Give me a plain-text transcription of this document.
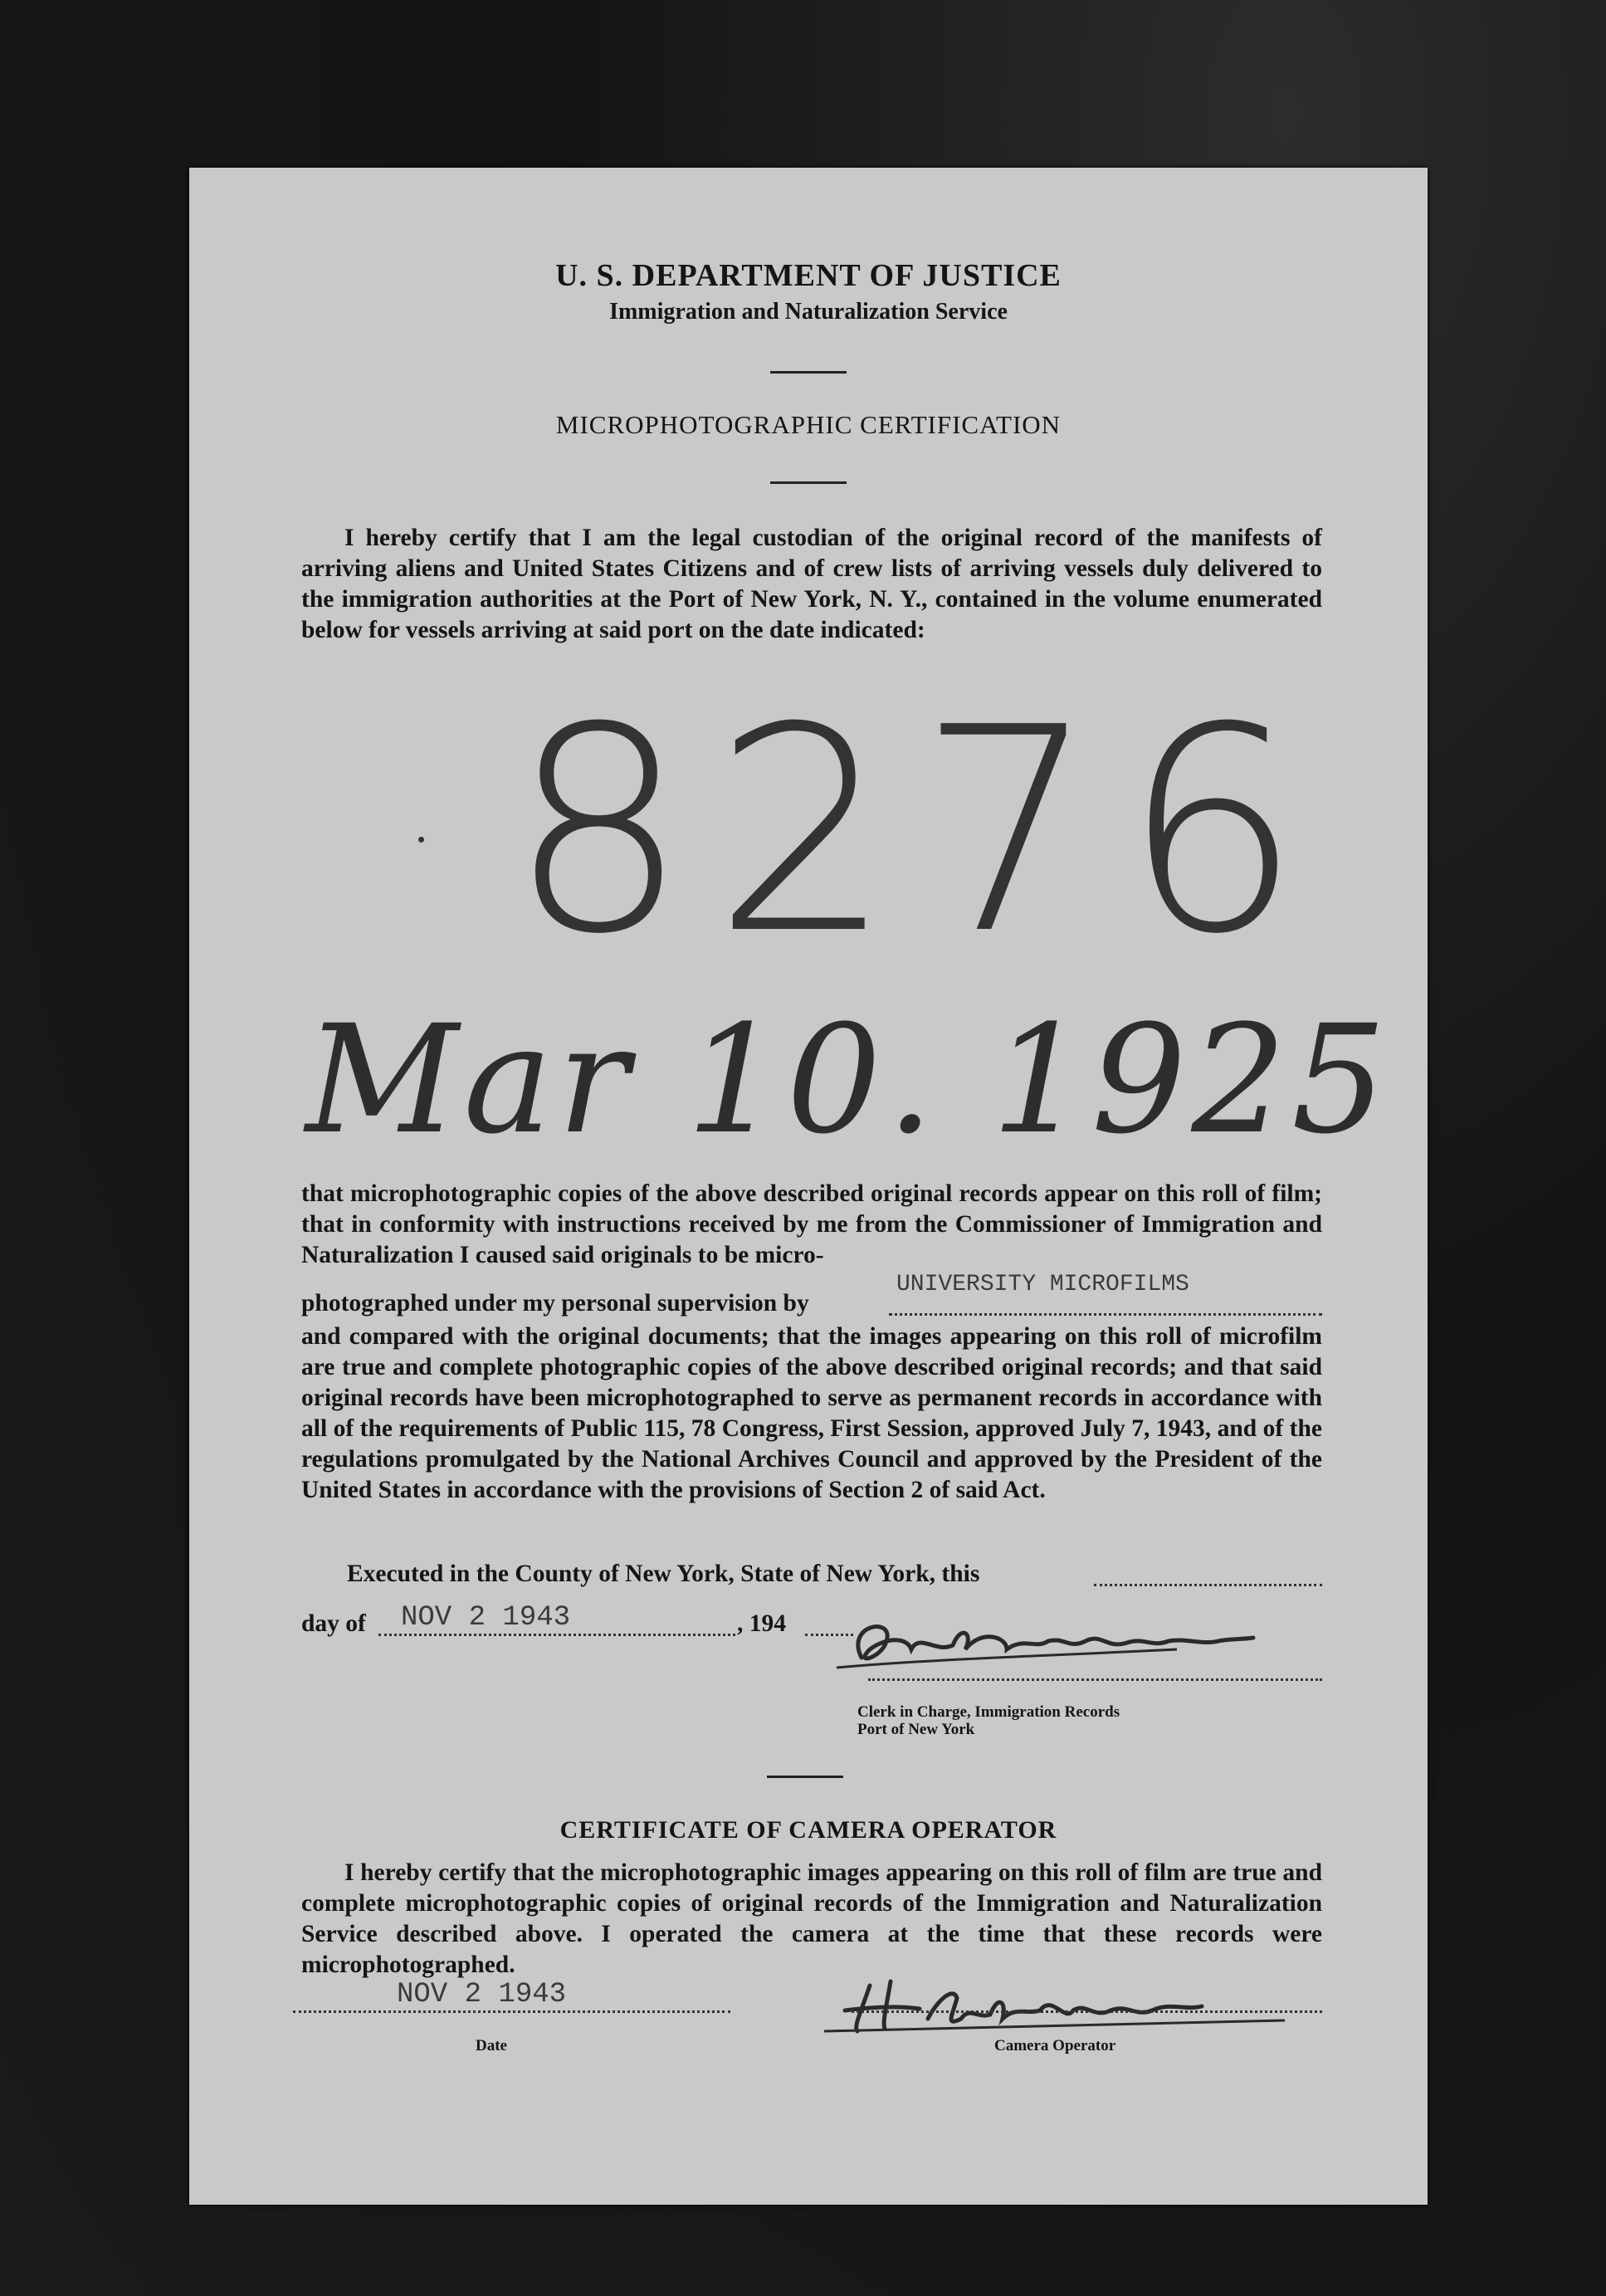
U. S. DEPARTMENT OF JUSTICE
Immigration and Naturalization Service
MICROPHOTOGRAPHIC CERTIFICATION
I hereby certify that I am the legal custodian of the original record of the manifests of arriving aliens and United States Citizens and of crew lists of arriving vessels duly delivered to the immigration authorities at the Port of New York, N. Y., contained in the volume enumerated below for vessels arriving at said port on the date indicated:
8276
Mar 10. 1925
that microphotographic copies of the above described original records appear on this roll of film; that in conformity with instructions received by me from the Commissioner of Immigration and Naturalization I caused said originals to be micro-
photographed under my personal supervision by
UNIVERSITY MICROFILMS
and compared with the original documents; that the images appearing on this roll of microfilm are true and complete photographic copies of the above described original records; and that said original records have been microphotographed to serve as permanent records in accordance with all of the requirements of Public 115, 78 Congress, First Session, approved July 7, 1943, and of the regulations promulgated by the National Archives Council and approved by the President of the United States in accordance with the provisions of Section 2 of said Act.
Executed in the County of New York, State of New York, this
day of NOV 2 1943	, 194
Clerk in Charge, Immigration Records
Port of New York
CERTIFICATE OF CAMERA OPERATOR
I hereby certify that the microphotographic images appearing on this roll of film are true and complete microphotographic copies of original records of the Immigration and Naturalization Service described above. I operated the camera at the time that these records were microphotographed.
NOV 2 1943
Date	Camera Operator
